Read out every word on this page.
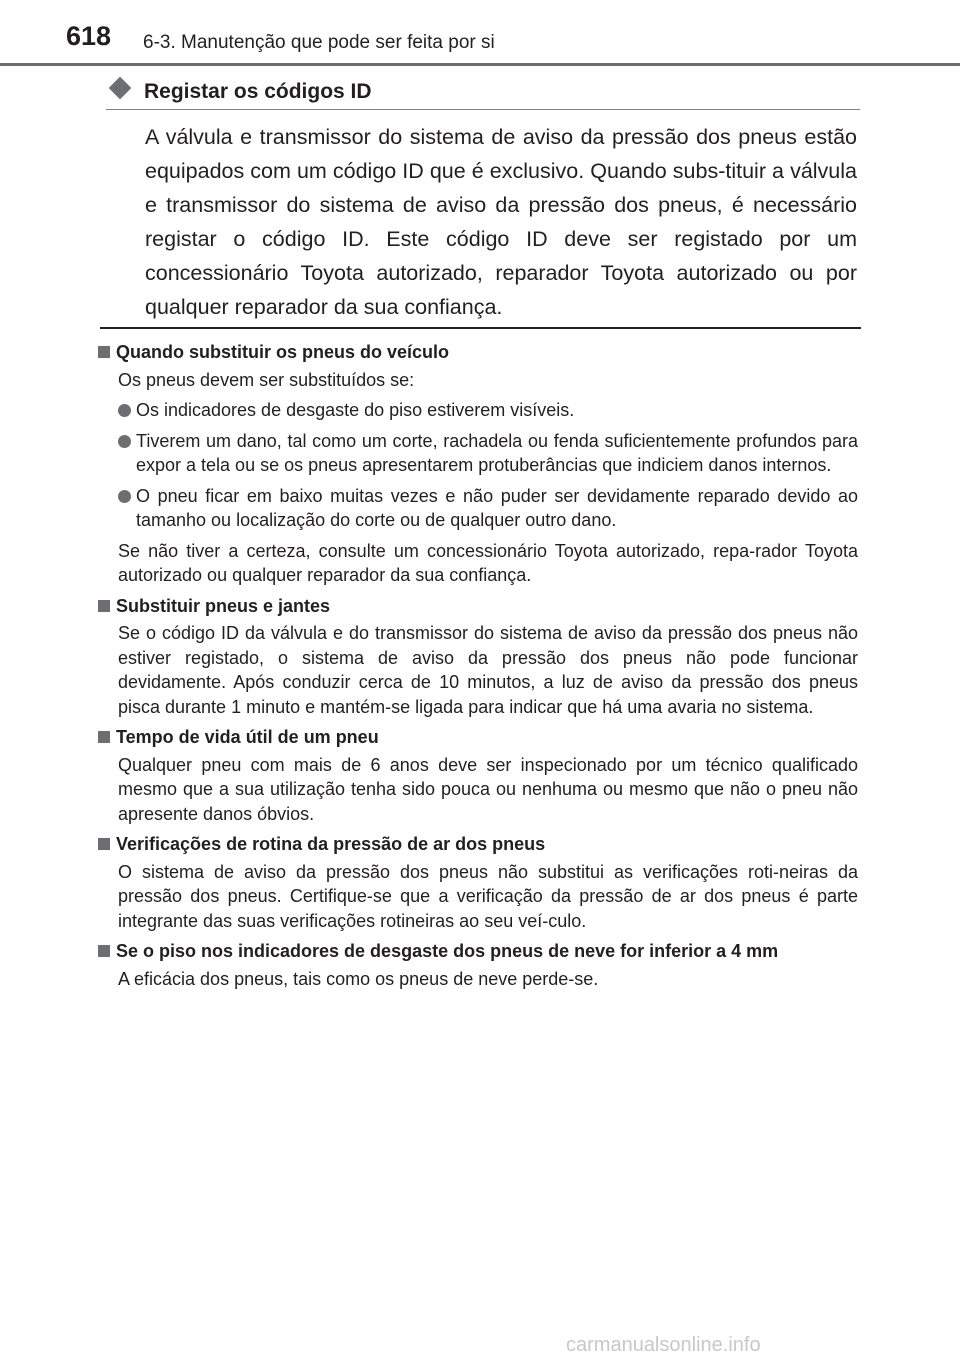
618 6-3. Manutenção que pode ser feita por si
Registar os códigos ID

A válvula e transmissor do sistema de aviso da pressão dos pneus estão equipados com um código ID que é exclusivo. Quando subs-tituir a válvula e transmissor do sistema de aviso da pressão dos pneus, é necessário registar o código ID. Este código ID deve ser registado por um concessionário Toyota autorizado, reparador Toyota autorizado ou por qualquer reparador da sua confiança.

Quando substituir os pneus do veículo
Os pneus devem ser substituídos se:
Os indicadores de desgaste do piso estiverem visíveis.
Tiverem um dano, tal como um corte, rachadela ou fenda suficientemente profundos para expor a tela ou se os pneus apresentarem protuberâncias que indiciem danos internos.
O pneu ficar em baixo muitas vezes e não puder ser devidamente reparado devido ao tamanho ou localização do corte ou de qualquer outro dano.
Se não tiver a certeza, consulte um concessionário Toyota autorizado, repa-rador Toyota autorizado ou qualquer reparador da sua confiança.
Substituir pneus e jantes
Se o código ID da válvula e do transmissor do sistema de aviso da pressão dos pneus não estiver registado, o sistema de aviso da pressão dos pneus não pode funcionar devidamente. Após conduzir cerca de 10 minutos, a luz de aviso da pressão dos pneus pisca durante 1 minuto e mantém-se ligada para indicar que há uma avaria no sistema.
Tempo de vida útil de um pneu
Qualquer pneu com mais de 6 anos deve ser inspecionado por um técnico qualificado mesmo que a sua utilização tenha sido pouca ou nenhuma ou mesmo que não o pneu não apresente danos óbvios.
Verificações de rotina da pressão de ar dos pneus
O sistema de aviso da pressão dos pneus não substitui as verificações roti-neiras da pressão dos pneus. Certifique-se que a verificação da pressão de ar dos pneus é parte integrante das suas verificações rotineiras ao seu veí-culo.
Se o piso nos indicadores de desgaste dos pneus de neve for inferior a 4 mm
A eficácia dos pneus, tais como os pneus de neve perde-se.
carmanualsonline.info
